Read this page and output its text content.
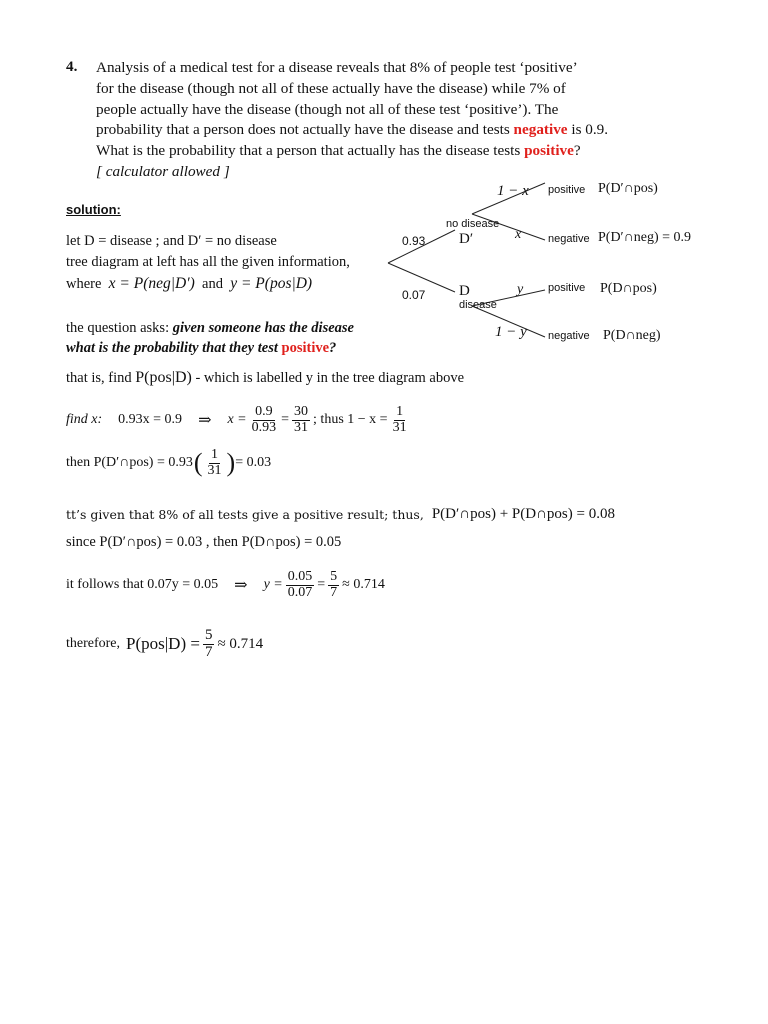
4. Analysis of a medical test for a disease reveals that 8% of people test ‘positive’
for the disease (though not all of these actually have the disease) while 7% of
people actually have the disease (though not all of these test ‘positive’). The
probability that a person does not actually have the disease and tests negative is 0.9.
What is the probability that a person that actually has the disease tests positive?
[ calculator allowed ]
solution:
let D = disease ; and D′ = no disease
tree diagram at left has all the given information,
where x = P(neg|D′) and y = P(pos|D)
0.93
0.07
no disease
D′
D
disease
1 − x
x
y
1 − y
positive
negative
positive
negative
P(D′∩pos)
P(D′∩neg) = 0.9
P(D∩pos)
P(D∩neg)
the question asks: given someone has the disease
what is the probability that they test positive?
that is, find P(pos|D) - which is labelled y in the tree diagram above
find x: 0.93x = 0.9 ⇒ $x = \frac{0.9}{0.93} = \frac{30}{31}$ ; thus $1 - x = \frac{1}{31}$
then P(D′∩pos) = 0.93 ( $\frac{1}{31}$ ) = 0.03
tt’s given that 8% of all tests give a positive result; thus, P(D′∩pos) + P(D∩pos) = 0.08
since P(D′∩pos) = 0.03 , then P(D∩pos) = 0.05
it follows that 0.07y = 0.05 ⇒ $y = \frac{0.05}{0.07} = \frac{5}{7} \approx 0.714$
therefore, $P(pos|D) = \frac{5}{7} \approx 0.714$
